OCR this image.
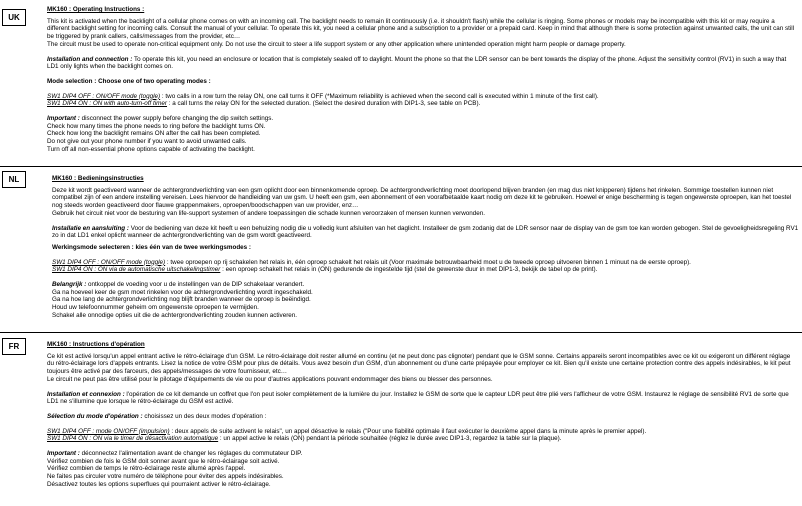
UK

MK160 : Operating Instructions :

This kit is activated when the backlight of a cellular phone comes on with an incoming call. The backlight needs to remain lit continuously (i.e. it shouldn't flash) while the cellular is ringing. Some phones or models may be incompatible with this kit or may require a different backlight setting for incoming calls. Consult the manual of your cellular. To operate this kit, you need a cellular phone and a subscription to a provider or a prepaid card. Keep in mind that although there is some protection against unwanted calls, the unit can still be triggered by prank callers, calls/messages from the provider, etc…

The circuit must be used to operate non-critical equipment only. Do not use the circuit to steer a life support system or any other application where unintended operation might harm people or damage property.

Installation and connection : To operate this kit, you need an enclosure or location that is completely sealed off to daylight. Mount the phone so that the LDR sensor can be bent towards the display of the phone. Adjust the sensitivity control (RV1) in such a way that LD1 only lights when the backlight comes on.

Mode selection : Choose one of two operating modes :

SW1 DIP4 OFF : ON/OFF mode (toggle) : two calls in a row turn the relay ON, one call turns it OFF (*Maximum reliability is achieved when the second call is executed within 1 minute of the first call).

SW1 DIP4 ON : ON with auto-turn-off timer : a call turns the relay ON for the selected duration. (Select the desired duration with DIP1-3, see table on PCB).

Important : disconnect the power supply before changing the dip switch settings.

Check how many times the phone needs to ring before the backlight turns ON.

Check how long the backlight remains ON after the call has been completed.

Do not give out your phone number if you want to avoid unwanted calls.

Turn off all non-essential phone options capable of activating the backlight.

NL	MK160 : Bedieningsinstructies

Deze kit wordt geactiveerd wanneer de achtergrondverlichting van een gsm oplicht door een binnenkomende oproep. De achtergrondverlichting moet doorlopend blijven branden (en mag dus niet knipperen) tijdens het rinkelen. Sommige toestellen kunnen niet compatibel zijn of een andere instelling vereisen. Lees hiervoor de handleiding van uw gsm. U heeft een gsm, een abonnement of een voorafbetaalde kaart nodig om deze kit te gebruiken. Hoewel er enige bescherming is tegen ongewenste oproepen, kan het toestel nog steeds worden geactiveerd door flauwe grappenmakers, oproepen/boodschappen van uw provider, enz…

Gebruik het circuit niet voor de besturing van life-support systemen of andere toepassingen die schade kunnen veroorzaken of mensen kunnen verwonden.

Installatie en aansluiting : Voor de bediening van deze kit heeft u een behuizing nodig die u volledig kunt afsluiten van het daglicht. Installeer de gsm zodanig dat de LDR sensor naar de display van de gsm toe kan worden gebogen. Stel de gevoeligheidsregeling RV1 zo in dat LD1 enkel oplicht wanneer de achtergrondverlichting van de gsm wordt geactiveerd.

Werkingsmode selecteren : kies één van de twee werkingsmodes :

SW1 DIP4 OFF : ON/OFF mode (toggle) : twee oproepen op rij schakelen het relais in, één oproep schakelt het relais uit (Voor maximale betrouwbaarheid moet u de tweede oproep uitvoeren binnen 1 minuut na de eerste oproep).

SW1 DIP4 ON : ON via de automatische uitschakelingstimer : een oproep schakelt het relais in (ON) gedurende de ingestelde tijd (stel de gewenste duur in met DIP1-3, bekijk de tabel op de print).

Belangrijk : ontkoppel de voeding voor u de instellingen van de DIP schakelaar verandert.

Ga na hoeveel keer de gsm moet rinkelen voor de achtergrondverlichting wordt ingeschakeld.

Ga na hoe lang de achtergrondverlichting nog blijft branden wanneer de oproep is beëindigd.

Houd uw telefoonnummer geheim om ongewenste oproepen te vermijden.

Schakel alle onnodige opties uit die de achtergrondverlichting zouden kunnen activeren.

FR	MK160 : Instructions d'opération

Ce kit est activé lorsqu'un appel entrant active le rétro-éclairage d'un GSM. Le rétro-éclairage doit rester allumé en continu (et ne peut donc pas clignoter) pendant que le GSM sonne. Certains appareils seront incompatibles avec ce kit ou exigeront un différent réglage du rétro-éclairage lors d'appels entrants. Lisez la notice de votre GSM pour plus de détails. Vous avez besoin d'un GSM, d'un abonnement ou d'une carte prépayée pour employer ce kit. Bien qu'il existe une certaine protection contre des appels indésirables, le kit peut toujours être activé par des farceurs, des appels/messages de votre fournisseur, etc…

Le circuit ne peut pas être utilisé pour le pilotage d'équipements de vie ou pour d'autres applications pouvant endommager des biens ou blesser des personnes.

Installation et connexion : l'opération de ce kit demande un coffret que l'on peut isoler complètement de la lumière du jour. Installez le GSM de sorte que le capteur LDR peut être plié vers l'afficheur de votre GSM. Instaurez le réglage de sensibilité RV1 de sorte que LD1 ne s'illumine que lorsque le rétro-éclairage du GSM est activé.

Sélection du mode d'opération : choisissez un des deux modes d'opération :

SW1 DIP4 OFF : mode ON/OFF (impulsion) : deux appels de suite activent le relais", un appel désactive le relais ("Pour une fiabilité optimale il faut exécuter le deuxième appel dans la minute après le premier appel).

SW1 DIP4 ON : ON via le timer de désactivation automatique : un appel active le relais (ON) pendant la période souhaitée (réglez le durée avec DIP1-3, regardez la table sur la plaque).

Important : déconnectez l'alimentation avant de changer les réglages du commutateur DIP.

Vérifiez combien de fois le GSM doit sonner avant que le rétro-éclairage soit activé.

Vérifiez combien de temps le rétro-éclairage reste allumé après l'appel.

Ne faites pas circuler votre numéro de téléphone pour éviter des appels indésirables.

Désactivez toutes les options superflues qui pourraient activer le rétro-éclairage.
